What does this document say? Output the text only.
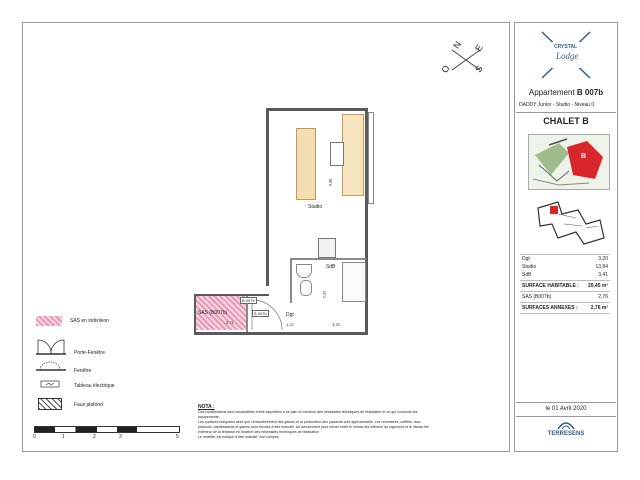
N E
O S
Studio
SdB
Dgt
SAS (B007b)
4,38
2,32
1,22
2,71	3,33
B 007b
B 007b
SAS en indivision
Porte-Fenêtre
Fenêtre
Tableau électrique
Faux plafond
0	1	2	3	5
NOTA :
Des modifications sont susceptibles d'être apportées à ce plan en fonction des nécessités techniques de réalisation et ce qui concerne les
équipements.
Les surfaces indiquées ainsi que l'encombrement des gaines et la profondeur des placards sont approximatifs. Les retombées, soffites, faux-
plafonds, canalisations et gaines sont donnés à titre indicatif. Un dévoiement peut mener entre le niveau fini intérieur du logement et le niveau fini
extérieur de la terrasse en fonction des nécessités techniques de réalisation
Le mobilier est indiqué à titre indicatif, non compris.
CRYSTAL
Lodge
Appartement B 007b
DADDY Junior - Studio - Niveau 0
CHALET B
B
Dgt	3,20
Studio	13,84
SdB	3,41
SURFACE HABITABLE : 20,45 m²
SAS (B007b)	2,76
SURFACES ANNEXES :	2,76 m²
le 01 Avril 2020
TERRESENS
